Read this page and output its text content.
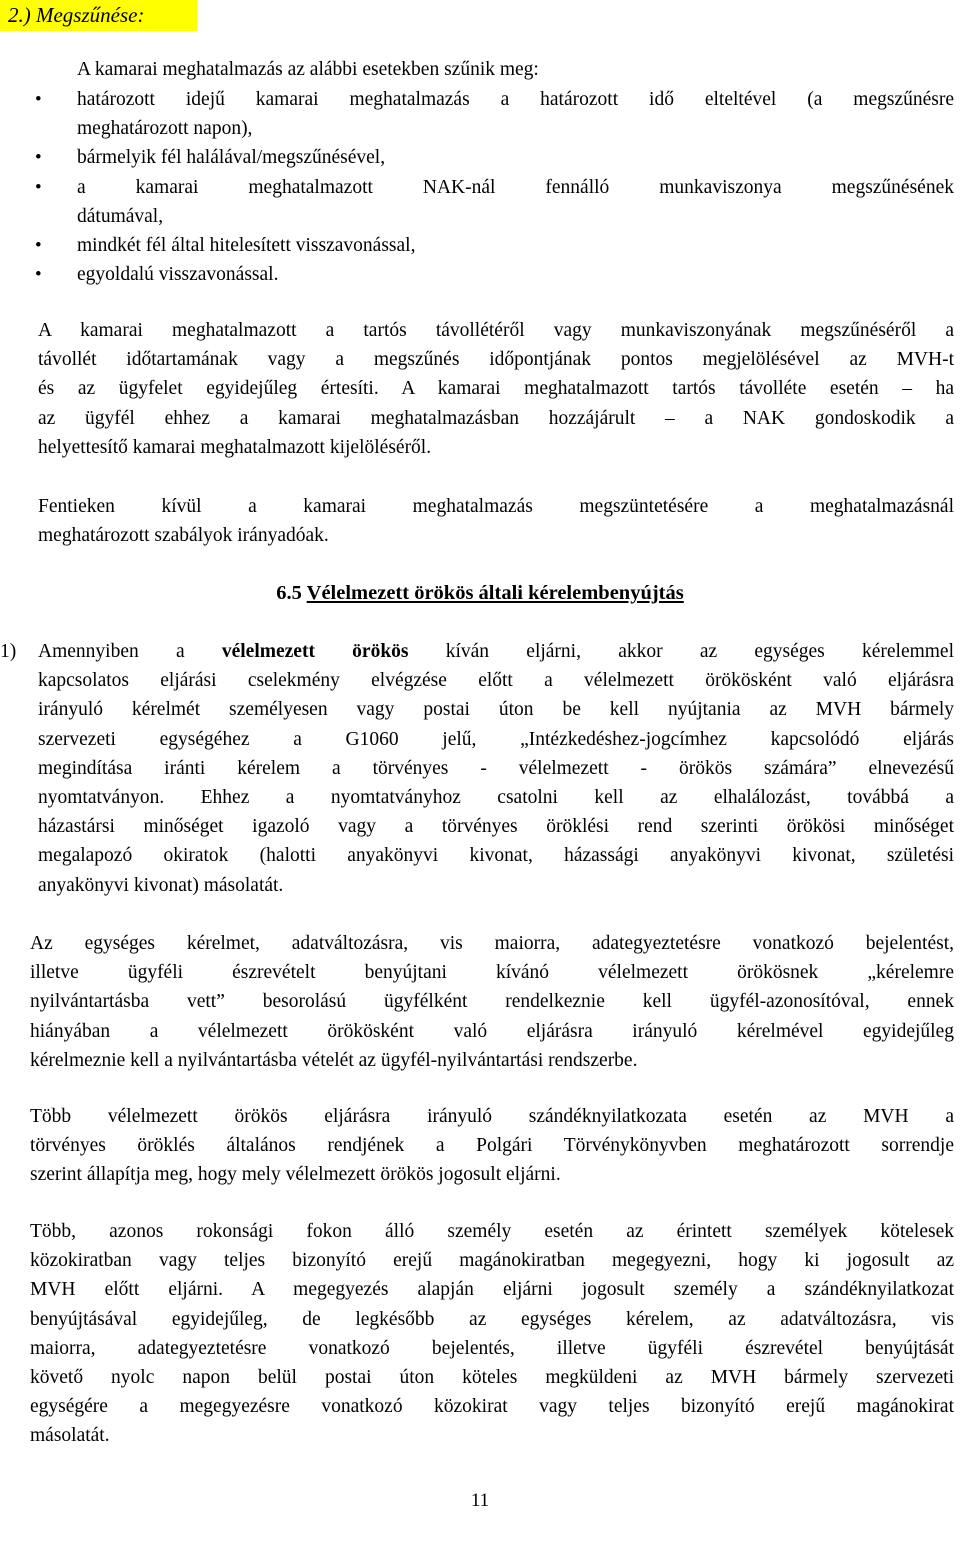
2.) Megszűnése:
A kamarai meghatalmazás az alábbi esetekben szűnik meg:
• határozott idejű kamarai meghatalmazás a határozott idő elteltével (a megszűnésre
meghatározott napon),
• bármelyik fél halálával/megszűnésével,
• a kamarai meghatalmazott NAK-nál fennálló munkaviszonya megszűnésének
dátumával,
• mindkét fél által hitelesített visszavonással,
• egyoldalú visszavonással.
A kamarai meghatalmazott a tartós távollétéről vagy munkaviszonyának megszűnéséről a
távollét időtartamának vagy a megszűnés időpontjának pontos megjelölésével az MVH-t
és az ügyfelet egyidejűleg értesíti. A kamarai meghatalmazott tartós távolléte esetén – ha
az ügyfél ehhez a kamarai meghatalmazásban hozzájárult – a NAK gondoskodik a
helyettesítő kamarai meghatalmazott kijelöléséről.
Fentieken kívül a kamarai meghatalmazás megszüntetésére a meghatalmazásnál
meghatározott szabályok irányadóak.
6.5 Vélelmezett örökös általi kérelembenyújtás
1) Amennyiben a vélelmezett örökös kíván eljárni, akkor az egységes kérelemmel
kapcsolatos eljárási cselekmény elvégzése előtt a vélelmezett örökösként való eljárásra
irányuló kérelmét személyesen vagy postai úton be kell nyújtania az MVH bármely
szervezeti egységéhez a G1060 jelű, „Intézkedéshez-jogcímhez kapcsolódó eljárás
megindítása iránti kérelem a törvényes - vélelmezett - örökös számára” elnevezésű
nyomtatványon. Ehhez a nyomtatványhoz csatolni kell az elhalálozást, továbbá a
házastársi minőséget igazoló vagy a törvényes öröklési rend szerinti örökösi minőséget
megalapozó okiratok (halotti anyakönyvi kivonat, házassági anyakönyvi kivonat, születési
anyakönyvi kivonat) másolatát.
Az egységes kérelmet, adatváltozásra, vis maiorra, adategyeztetésre vonatkozó bejelentést,
illetve ügyféli észrevételt benyújtani kívánó vélelmezett örökösnek „kérelemre
nyilvántartásba vett” besorolású ügyfélként rendelkeznie kell ügyfél-azonosítóval, ennek
hiányában a vélelmezett örökösként való eljárásra irányuló kérelmével egyidejűleg
kérelmeznie kell a nyilvántartásba vételét az ügyfél-nyilvántartási rendszerbe.
Több vélelmezett örökös eljárásra irányuló szándéknyilatkozata esetén az MVH a
törvényes öröklés általános rendjének a Polgári Törvénykönyvben meghatározott sorrendje
szerint állapítja meg, hogy mely vélelmezett örökös jogosult eljárni.
Több, azonos rokonsági fokon álló személy esetén az érintett személyek kötelesek
közokiratban vagy teljes bizonyító erejű magánokiratban megegyezni, hogy ki jogosult az
MVH előtt eljárni. A megegyezés alapján eljárni jogosult személy a szándéknyilatkozat
benyújtásával egyidejűleg, de legkésőbb az egységes kérelem, az adatváltozásra, vis
maiorra, adategyeztetésre vonatkozó bejelentés, illetve ügyféli észrevétel benyújtását
követő nyolc napon belül postai úton köteles megküldeni az MVH bármely szervezeti
egységére a megegyezésre vonatkozó közokirat vagy teljes bizonyító erejű magánokirat
másolatát.
11
